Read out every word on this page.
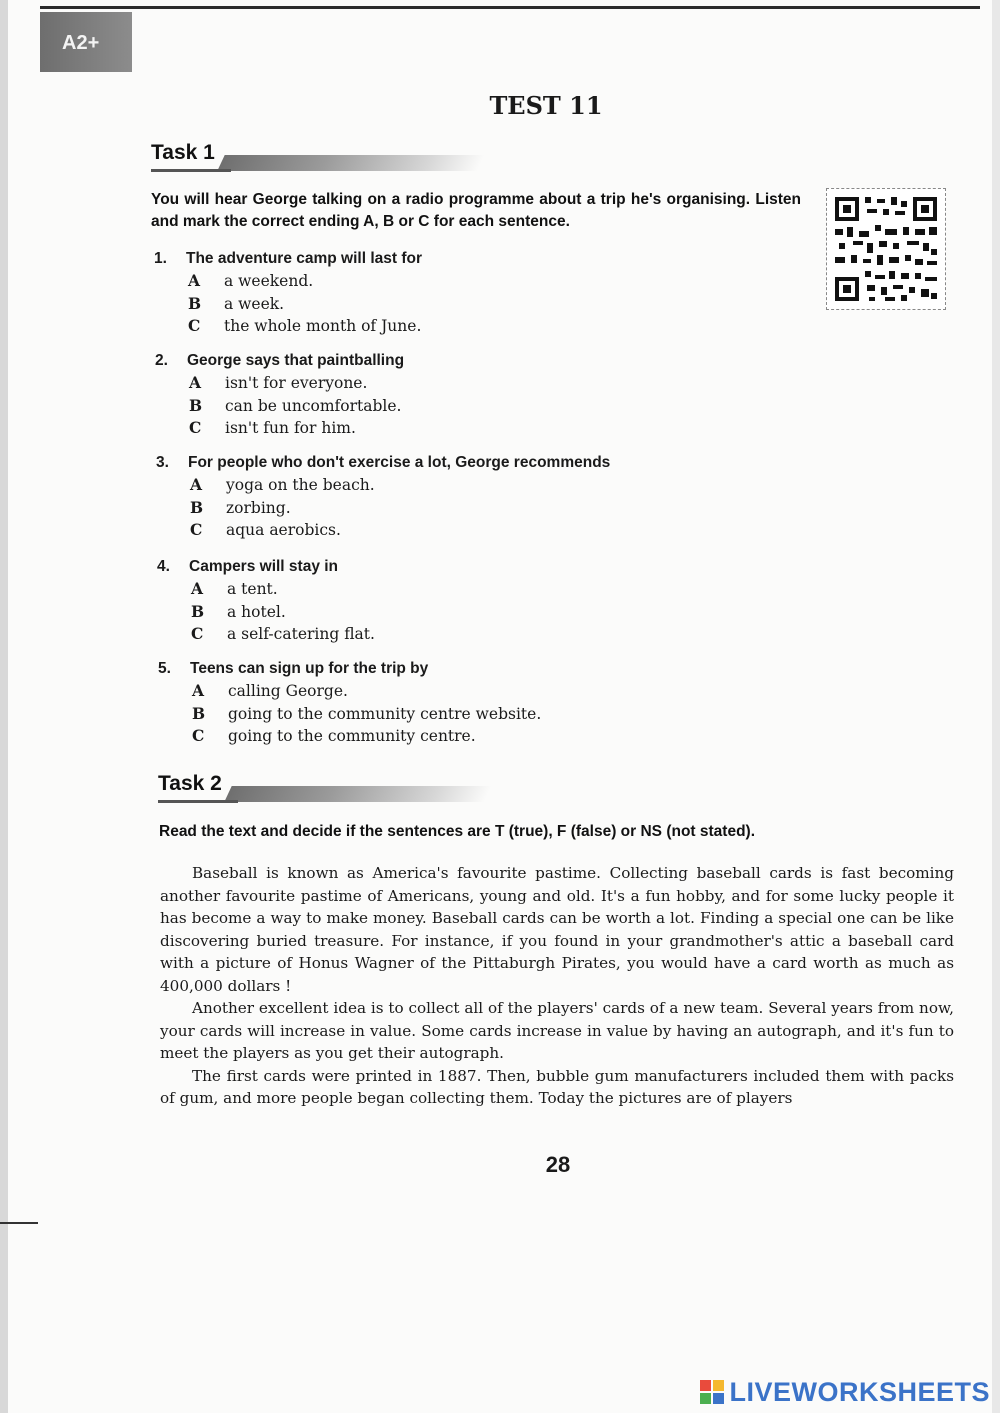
A2+
TEST 11
Task 1
You will hear George talking on a radio programme about a trip he's organising. Listen and mark the correct ending A, B or C for each sentence.
1. The adventure camp will last for
A a weekend.
B a week.
C the whole month of June.
2. George says that paintballing
A isn't for everyone.
B can be uncomfortable.
C isn't fun for him.
3. For people who don't exercise a lot, George recommends
A yoga on the beach.
B zorbing.
C aqua aerobics.
4. Campers will stay in
A a tent.
B a hotel.
C a self-catering flat.
5. Teens can sign up for the trip by
A calling George.
B going to the community centre website.
C going to the community centre.
Task 2
Read the text and decide if the sentences are T (true), F (false) or NS (not stated).

Baseball is known as America's favourite pastime. Collecting baseball cards is fast becoming another favourite pastime of Americans, young and old. It's a fun hobby, and for some lucky people it has become a way to make money. Baseball cards can be worth a lot. Finding a special one can be like discovering buried treasure. For instance, if you found in your grandmother's attic a baseball card with a picture of Honus Wagner of the Pittaburgh Pirates, you would have a card worth as much as 400,000 dollars !

Another excellent idea is to collect all of the players' cards of a new team. Several years from now, your cards will increase in value. Some cards increase in value by having an autograph, and it's fun to meet the players as you get their autograph.

The first cards were printed in 1887. Then, bubble gum manufacturers included them with packs of gum, and more people began collecting them. Today the pictures are of players

28
LIVEWORKSHEETS
